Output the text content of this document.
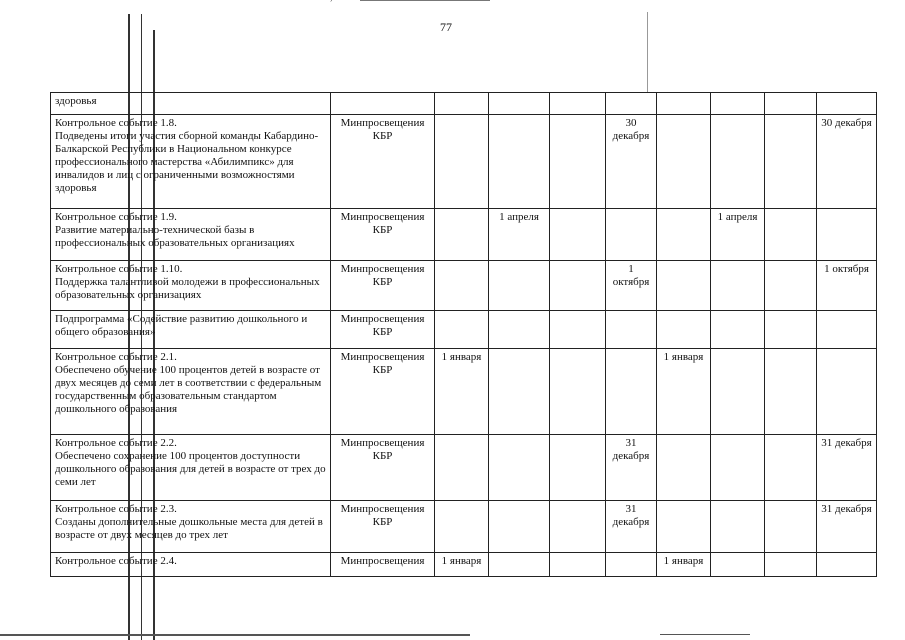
77
здоровья									
Контрольное событие 1.8.
Подведены итоги участия сборной команды Кабардино-Балкарской Республики в Национальном конкурсе профессионального мастерства «Абилимпикс» для инвалидов и лиц с ограниченными возможностями здоровья	Минпросвещения КБР				30 декабря				30 декабря
Контрольное событие 1.9.
Развитие материально-технической базы в профессиональных образовательных организациях	Минпросвещения КБР		1 апреля				1 апреля		
Контрольное событие 1.10.
Поддержка талантливой молодежи в профессиональных образовательных организациях	Минпросвещения КБР				1 октября				1 октября
Подпрограмма «Содействие развитию дошкольного и общего образования»	Минпросвещения КБР								
Контрольное событие 2.1.
Обеспечено обучение 100 процентов детей в возрасте от двух месяцев до семи лет в соответствии с федеральным государственным образовательным стандартом дошкольного образования	Минпросвещения КБР	1 января				1 января			
Контрольное событие 2.2.
Обеспечено сохранение 100 процентов доступности дошкольного образования для детей в возрасте от трех до семи лет	Минпросвещения КБР				31 декабря				31 декабря
Контрольное событие 2.3.
Созданы дополнительные дошкольные места для детей в возрасте от двух месяцев до трех лет	Минпросвещения КБР				31 декабря				31 декабря
Контрольное событие 2.4.	Минпросвещения	1 января				1 января			
